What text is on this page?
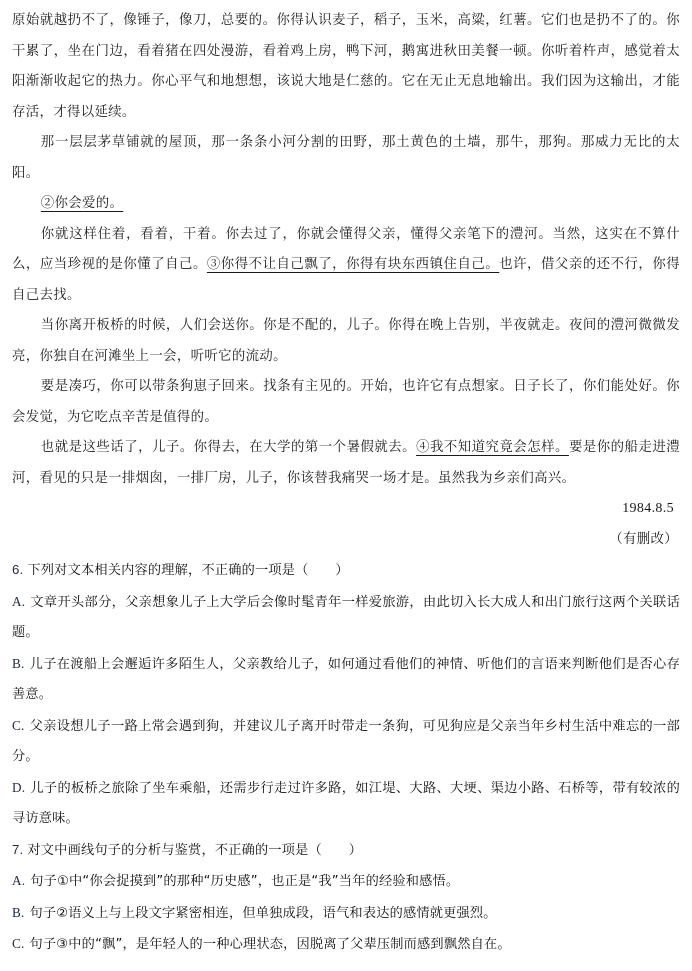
原始就越扔不了，像锤子，像刀，总要的。你得认识麦子，稻子，玉米，高粱，红薯。它们也是扔不了的。你干累了，坐在门边，看着猪在四处漫游，看着鸡上房，鸭下河，鹅寓进秋田美餐一顿。你听着杵声，感觉着太阳渐渐收起它的热力。你心平气和地想想，该说大地是仁慈的。它在无止无息地输出。我们因为这输出，才能存活，才得以延续。

那一层层茅草铺就的屋顶，那一条条小河分割的田野，那土黄色的土墙，那牛，那狗。那威力无比的太阳。

②你会爱的。

你就这样住着，看着，干着。你去过了，你就会懂得父亲，懂得父亲笔下的澧河。当然，这实在不算什么，应当珍视的是你懂了自己。③你得不让自己飘了，你得有块东西镇住自己。也许，借父亲的还不行，你得自己去找。

当你离开板桥的时候，人们会送你。你是不配的，儿子。你得在晚上告别，半夜就走。夜间的澧河微微发亮，你独自在河滩坐上一会，听听它的流动。

要是凑巧，你可以带条狗崽子回来。找条有主见的。开始，也许它有点想家。日子长了，你们能处好。你会发觉，为它吃点辛苦是值得的。

也就是这些话了，儿子。你得去，在大学的第一个暑假就去。④我不知道究竟会怎样。要是你的船走进澧河，看见的只是一排烟囱，一排厂房，儿子，你该替我痛哭一场才是。虽然我为乡亲们高兴。

1984.8.5

（有删改）

6. 下列对文本相关内容的理解，不正确的一项是（　　）

A. 文章开头部分，父亲想象儿子上大学后会像时髦青年一样爱旅游，由此切入长大成人和出门旅行这两个关联话题。

B. 儿子在渡船上会邂逅许多陌生人，父亲教给儿子，如何通过看他们的神情、听他们的言语来判断他们是否心存善意。

C. 父亲设想儿子一路上常会遇到狗，并建议儿子离开时带走一条狗，可见狗应是父亲当年乡村生活中难忘的一部分。

D. 儿子的板桥之旅除了坐车乘船，还需步行走过许多路，如江堤、大路、大埂、渠边小路、石桥等，带有较浓的寻访意味。

7. 对文中画线句子的分析与鉴赏，不正确的一项是（　　）

A. 句子①中“你会捉摸到”的那种“历史感”，也正是“我”当年的经验和感悟。

B. 句子②语义上与上段文字紧密相连，但单独成段，语气和表达的感情就更强烈。

C. 句子③中的“飘”，是年轻人的一种心理状态，因脱离了父辈压制而感到飘然自在。
